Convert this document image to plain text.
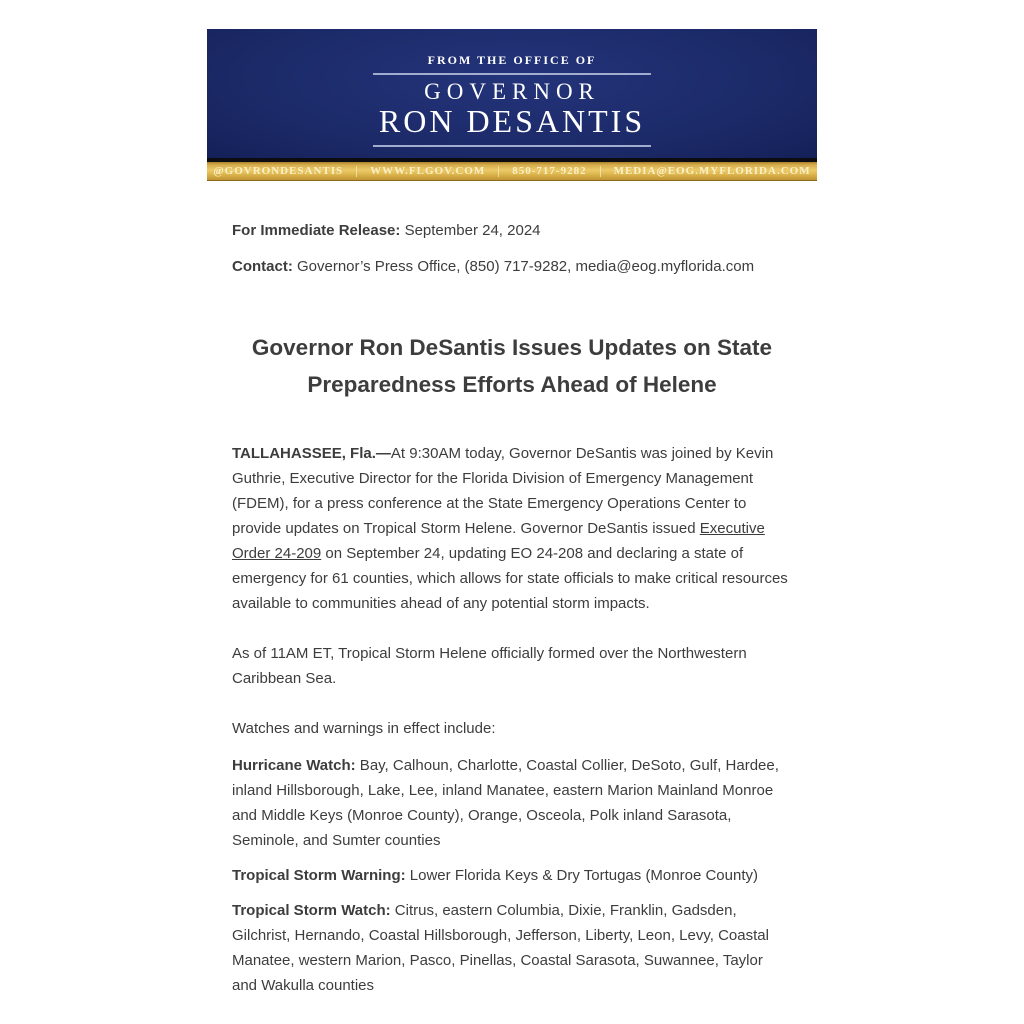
FROM THE OFFICE OF
GOVERNOR
RON DESANTIS
@GOVRONDESANTIS WWW.FLGOV.COM 850-717-9282 MEDIA@EOG.MYFLORIDA.COM
For Immediate Release: September 24, 2024
Contact: Governor’s Press Office, (850) 717-9282, media@eog.myflorida.com
Governor Ron DeSantis Issues Updates on State Preparedness Efforts Ahead of Helene

TALLAHASSEE, Fla.—At 9:30AM today, Governor DeSantis was joined by Kevin Guthrie, Executive Director for the Florida Division of Emergency Management (FDEM), for a press conference at the State Emergency Operations Center to provide updates on Tropical Storm Helene. Governor DeSantis issued Executive Order 24-209 on September 24, updating EO 24-208 and declaring a state of emergency for 61 counties, which allows for state officials to make critical resources available to communities ahead of any potential storm impacts.

As of 11AM ET, Tropical Storm Helene officially formed over the Northwestern Caribbean Sea.

Watches and warnings in effect include:

Hurricane Watch: Bay, Calhoun, Charlotte, Coastal Collier, DeSoto, Gulf, Hardee, inland Hillsborough, Lake, Lee, inland Manatee, eastern Marion Mainland Monroe and Middle Keys (Monroe County), Orange, Osceola, Polk inland Sarasota, Seminole, and Sumter counties

Tropical Storm Warning: Lower Florida Keys & Dry Tortugas (Monroe County)

Tropical Storm Watch: Citrus, eastern Columbia, Dixie, Franklin, Gadsden, Gilchrist, Hernando, Coastal Hillsborough, Jefferson, Liberty, Leon, Levy, Coastal Manatee, western Marion, Pasco, Pinellas, Coastal Sarasota, Suwannee, Taylor and Wakulla counties
